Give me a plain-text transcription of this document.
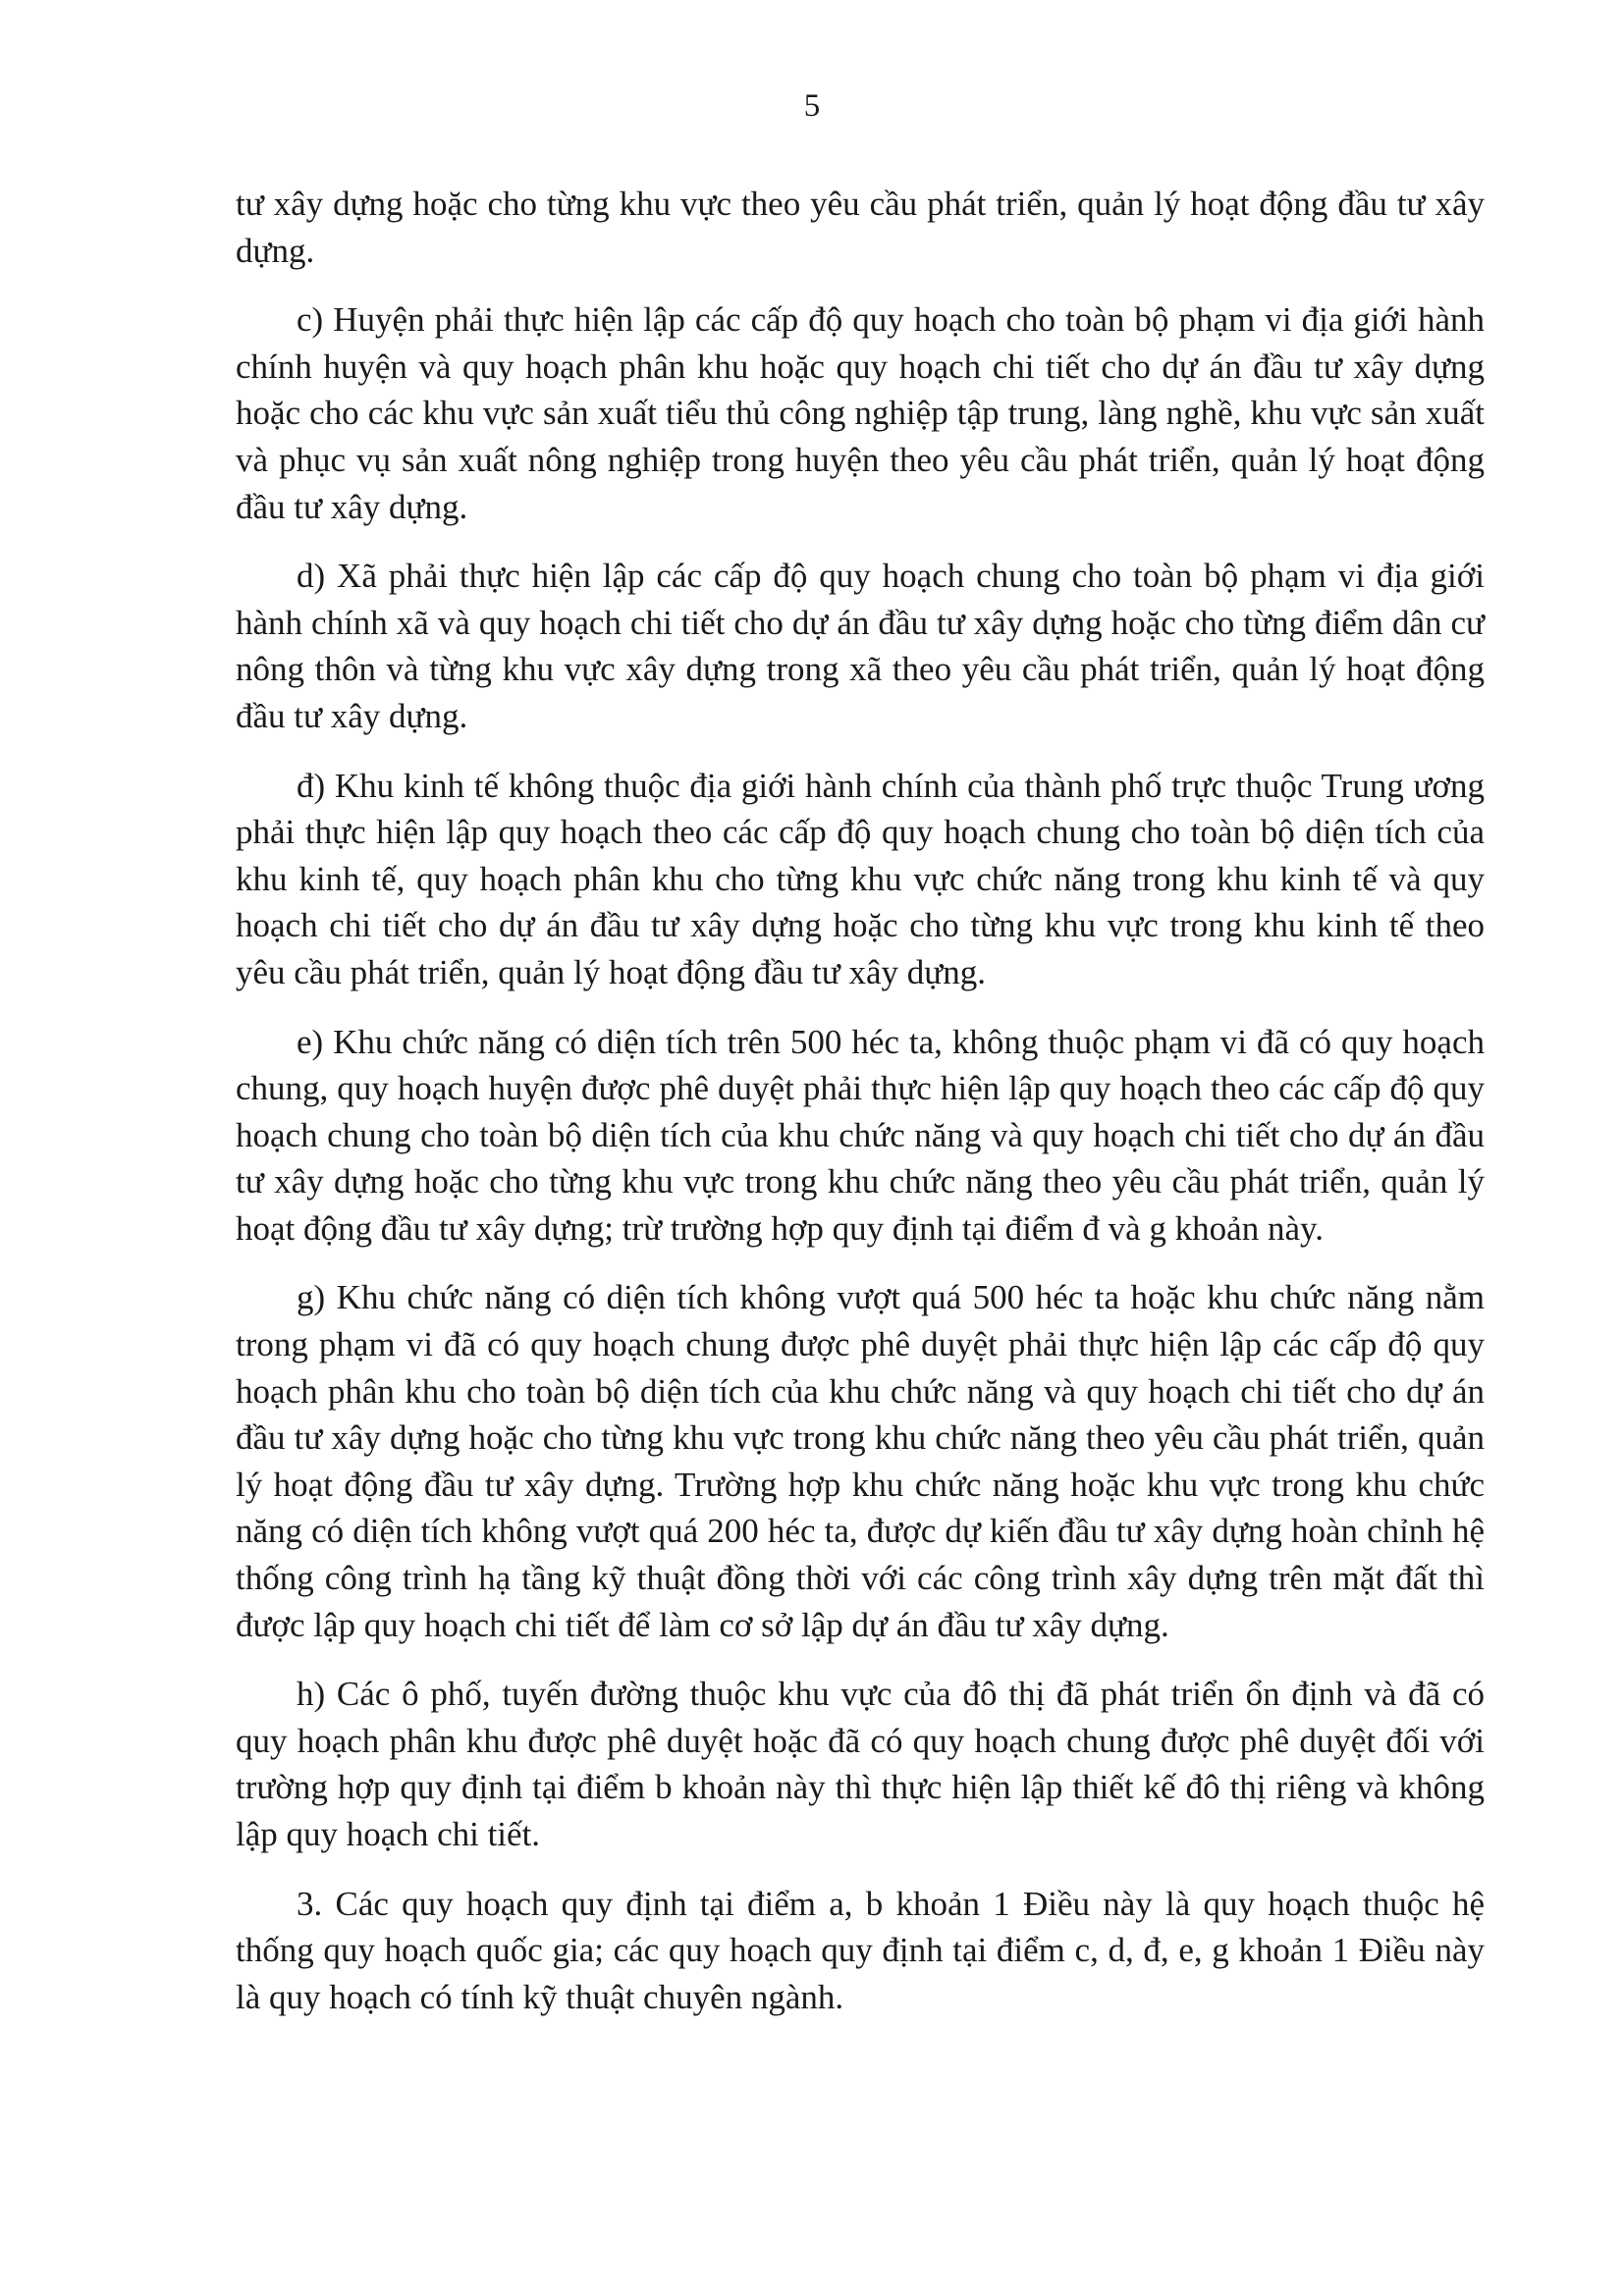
5

tư xây dựng hoặc cho từng khu vực theo yêu cầu phát triển, quản lý hoạt động đầu tư xây dựng.

c) Huyện phải thực hiện lập các cấp độ quy hoạch cho toàn bộ phạm vi địa giới hành chính huyện và quy hoạch phân khu hoặc quy hoạch chi tiết cho dự án đầu tư xây dựng hoặc cho các khu vực sản xuất tiểu thủ công nghiệp tập trung, làng nghề, khu vực sản xuất và phục vụ sản xuất nông nghiệp trong huyện theo yêu cầu phát triển, quản lý hoạt động đầu tư xây dựng.

d) Xã phải thực hiện lập các cấp độ quy hoạch chung cho toàn bộ phạm vi địa giới hành chính xã và quy hoạch chi tiết cho dự án đầu tư xây dựng hoặc cho từng điểm dân cư nông thôn và từng khu vực xây dựng trong xã theo yêu cầu phát triển, quản lý hoạt động đầu tư xây dựng.

đ) Khu kinh tế không thuộc địa giới hành chính của thành phố trực thuộc Trung ương phải thực hiện lập quy hoạch theo các cấp độ quy hoạch chung cho toàn bộ diện tích của khu kinh tế, quy hoạch phân khu cho từng khu vực chức năng trong khu kinh tế và quy hoạch chi tiết cho dự án đầu tư xây dựng hoặc cho từng khu vực trong khu kinh tế theo yêu cầu phát triển, quản lý hoạt động đầu tư xây dựng.

e) Khu chức năng có diện tích trên 500 héc ta, không thuộc phạm vi đã có quy hoạch chung, quy hoạch huyện được phê duyệt phải thực hiện lập quy hoạch theo các cấp độ quy hoạch chung cho toàn bộ diện tích của khu chức năng và quy hoạch chi tiết cho dự án đầu tư xây dựng hoặc cho từng khu vực trong khu chức năng theo yêu cầu phát triển, quản lý hoạt động đầu tư xây dựng; trừ trường hợp quy định tại điểm đ và g khoản này.

g) Khu chức năng có diện tích không vượt quá 500 héc ta hoặc khu chức năng nằm trong phạm vi đã có quy hoạch chung được phê duyệt phải thực hiện lập các cấp độ quy hoạch phân khu cho toàn bộ diện tích của khu chức năng và quy hoạch chi tiết cho dự án đầu tư xây dựng hoặc cho từng khu vực trong khu chức năng theo yêu cầu phát triển, quản lý hoạt động đầu tư xây dựng. Trường hợp khu chức năng hoặc khu vực trong khu chức năng có diện tích không vượt quá 200 héc ta, được dự kiến đầu tư xây dựng hoàn chỉnh hệ thống công trình hạ tầng kỹ thuật đồng thời với các công trình xây dựng trên mặt đất thì được lập quy hoạch chi tiết để làm cơ sở lập dự án đầu tư xây dựng.

h) Các ô phố, tuyến đường thuộc khu vực của đô thị đã phát triển ổn định và đã có quy hoạch phân khu được phê duyệt hoặc đã có quy hoạch chung được phê duyệt đối với trường hợp quy định tại điểm b khoản này thì thực hiện lập thiết kế đô thị riêng và không lập quy hoạch chi tiết.

3. Các quy hoạch quy định tại điểm a, b khoản 1 Điều này là quy hoạch thuộc hệ thống quy hoạch quốc gia; các quy hoạch quy định tại điểm c, d, đ, e, g khoản 1 Điều này là quy hoạch có tính kỹ thuật chuyên ngành.
